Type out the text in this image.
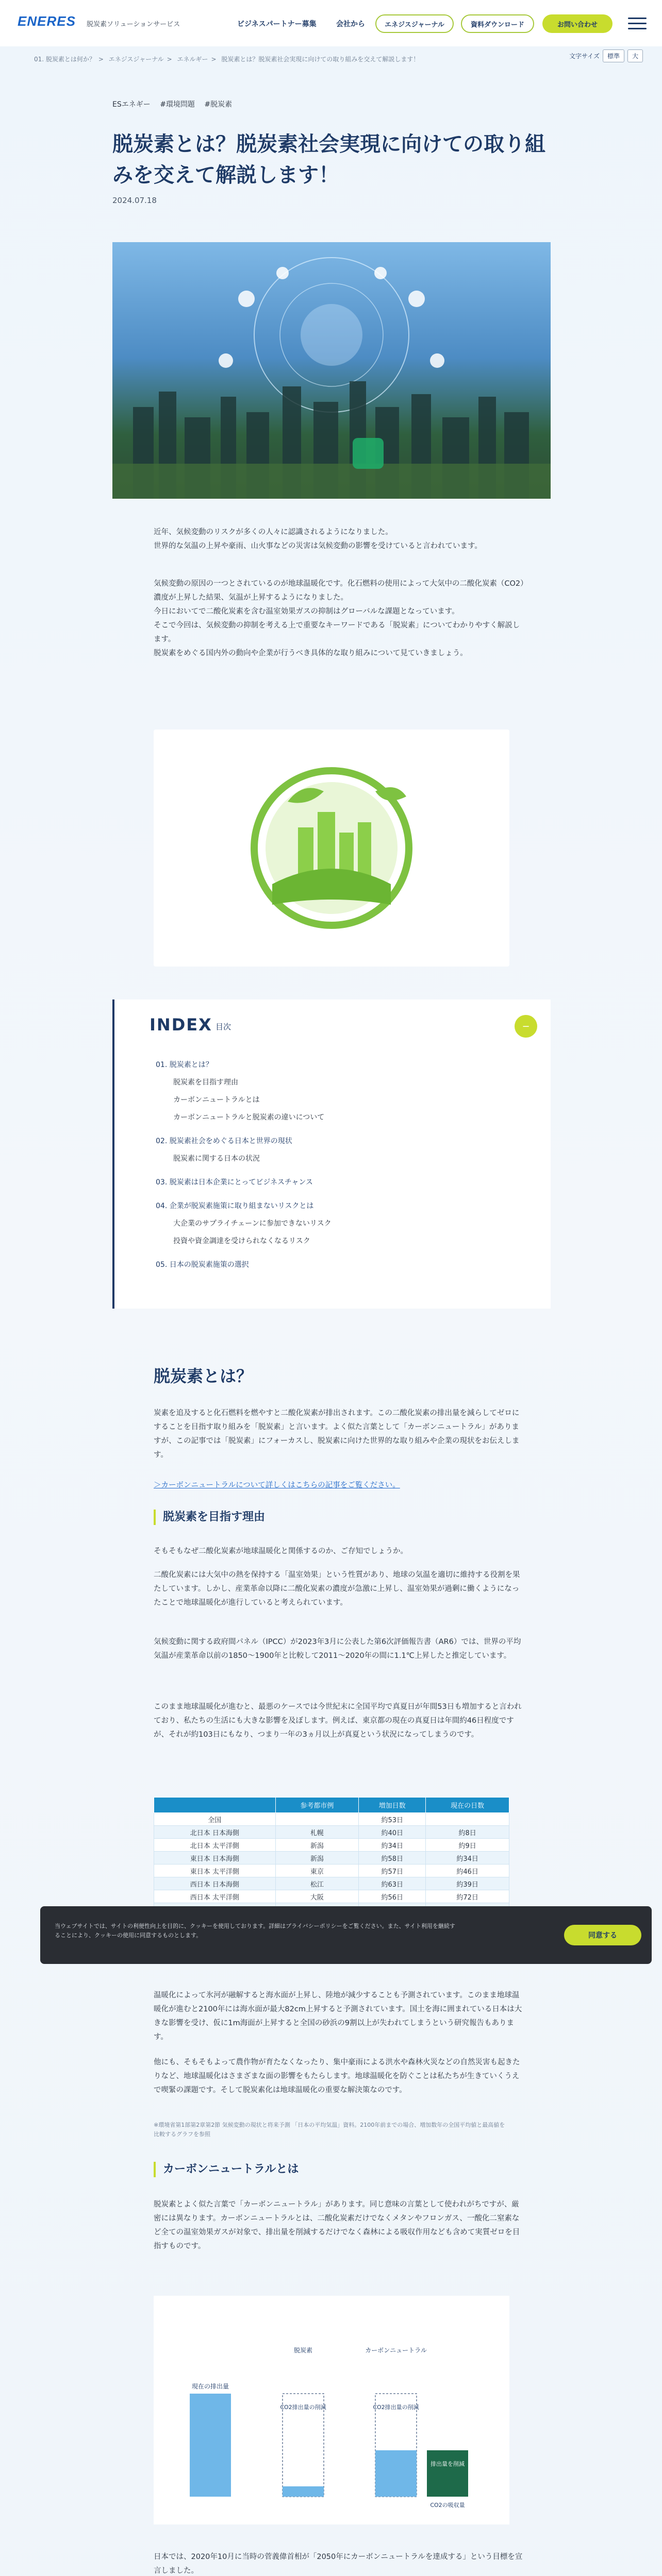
ENERES 脱炭素ソリューションサービス	ビジネスパートナー募集	会社から	エネジスジャーナル	資料ダウンロード	お問い合わせ
01. 脱炭素とは何か？ > エネジスジャーナル > エネルギー > 脱炭素とは？脱炭素社会実現に向けての取り組みを交えて解説します！	文字サイズ	標準	大
ESエネギー #環境問題 #脱炭素
脱炭素とは？脱炭素社会実現に向けての取り組みを交えて解説します！
2024.07.18
近年、気候変動のリスクが多くの人々に認識されるようになりました。
世界的な気温の上昇や豪雨、山火事などの災害は気候変動の影響を受けていると言われています。
気候変動の原因の一つとされているのが地球温暖化です。化石燃料の使用によって大気中の二酸化炭素（CO2）濃度が上昇した結果、気温が上昇するようになりました。
今日においてで二酸化炭素を含む温室効果ガスの抑制はグローバルな課題となっています。
そこで今回は、気候変動の抑制を考える上で重要なキーワードである「脱炭素」についてわかりやすく解説します。
脱炭素をめぐる国内外の動向や企業が行うべき具体的な取り組みについて見ていきましょう。
INDEX 目次	−
01. 脱炭素とは？
脱炭素を目指す理由
カーボンニュートラルとは
カーボンニュートラルと脱炭素の違いについて
02. 脱炭素社会をめぐる日本と世界の現状
脱炭素に関する日本の状況
03. 脱炭素は日本企業にとってビジネスチャンス
04. 企業が脱炭素施策に取り組まないリスクとは
大企業のサプライチェーンに参加できないリスク
投資や資金調達を受けられなくなるリスク
05. 日本の脱炭素施策の選択
脱炭素とは？
炭素を追及すると化石燃料を燃やすと二酸化炭素が排出されます。この二酸化炭素の排出量を減らしてゼロにすることを目指す取り組みを「脱炭素」と言います。よく似た言葉として「カーボンニュートラル」がありますが、この記事では「脱炭素」にフォーカスし、脱炭素に向けた世界的な取り組みや企業の現状をお伝えします。
＞カーボンニュートラルについて詳しくはこちらの記事をご覧ください。
脱炭素を目指す理由
そもそもなぜ二酸化炭素が地球温暖化と関係するのか、ご存知でしょうか。
二酸化炭素には大気中の熱を保持する「温室効果」という性質があり、地球の気温を適切に維持する役割を果たしています。しかし、産業革命以降に二酸化炭素の濃度が急激に上昇し、温室効果が過剰に働くようになったことで地球温暖化が進行していると考えられています。
気候変動に関する政府間パネル（IPCC）が2023年3月に公表した第6次評価報告書（AR6）では、世界の平均気温が産業革命以前の1850〜1900年と比較して2011〜2020年の間に1.1℃上昇したと推定しています。
このまま地球温暖化が進むと、最悪のケースでは今世紀末に全国平均で真夏日が年間53日も増加すると言われており、私たちの生活にも大きな影響を及ぼします。例えば、東京都の現在の真夏日は年間約46日程度ですが、それが約103日にもなり、つまり一年の3ヵ月以上が真夏という状況になってしまうのです。
	参考都市例	増加日数	現在の日数
全国		約53日	
北日本 日本海側	札幌	約40日	約8日
北日本 太平洋側	新潟	約34日	約9日
東日本 日本海側	新潟	約58日	約34日
東日本 太平洋側	東京	約57日	約46日
西日本 日本海側	松江	約63日	約39日
西日本 太平洋側	大阪	約56日	約72日

当ウェブサイトでは、サイトの利便性向上を目的に、クッキーを使用しております。詳細はプライバシーポリシーをご覧ください。また、サイト利用を継続することにより、クッキーの使用に同意するものとします。	同意する
温暖化によって氷河が融解すると海水面が上昇し、陸地が減少することも予測されています。このまま地球温暖化が進むと2100年には海水面が最大82cm上昇すると予測されています。国土を海に囲まれている日本は大きな影響を受け、仮に1m海面が上昇すると全国の砂浜の9割以上が失われてしまうという研究報告もあります。
他にも、そもそもよって農作物が育たなくなったり、集中豪雨による洪水や森林火災などの自然災害も起きたりなど、地球温暖化はさまざまな面の影響をもたらします。地球温暖化を防ぐことは私たちが生きていくうえで喫緊の課題です。そして脱炭素化は地球温暖化の重要な解決策なのです。
※環境省第1部第2章第2節 気候変動の現状と将来予測 「日本の平均気温」資料。2100年前までの場合、増加数年の全国平均値と最高値を比較するグラフを参照
カーボンニュートラルとは
脱炭素とよく似た言葉で「カーボンニュートラル」があります。同じ意味の言葉として使われがちですが、厳密には異なります。カーボンニュートラルとは、二酸化炭素だけでなくメタンやフロンガス、一酸化二窒素など全ての温室効果ガスが対象で、排出量を削減するだけでなく森林による吸収作用なども含めて実質ゼロを目指すものです。
現在の排出量
脱炭素	カーボンニュートラル
CO2排出量の削減	CO2排出量の削減
排出量を削減
CO2の吸収量
日本では、2020年10月に当時の菅義偉首相が「2050年にカーボンニュートラルを達成する」という目標を宣言しました。
